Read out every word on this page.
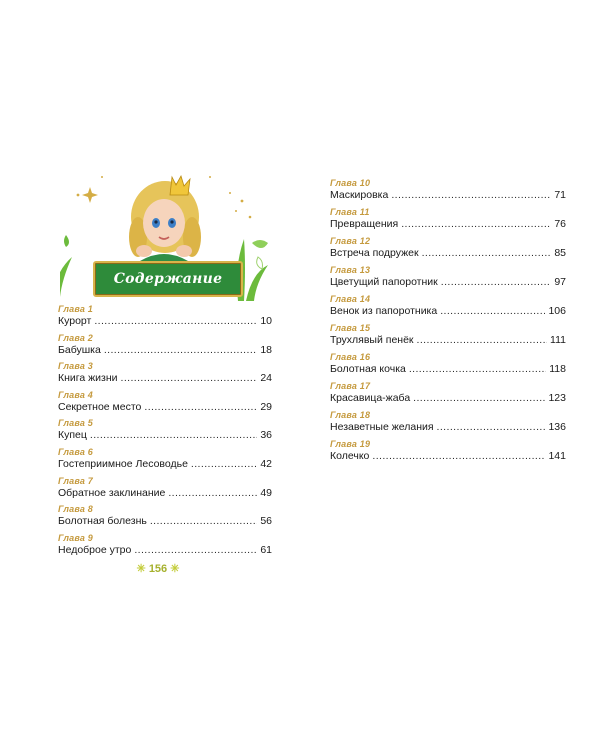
Содержание
Глава 1
Курорт .....	10
Глава 2
Бабушка .....	18
Глава 3
Книга жизни .....	24
Глава 4
Секретное место .....	29
Глава 5
Купец .....	36
Глава 6
Гостеприимное Лесоводье .....	42
Глава 7
Обратное заклинание .....	49
Глава 8
Болотная болезнь .....	56
Глава 9
Недоброе утро .....	61
Глава 10
Маскировка .....	71
Глава 11
Превращения .....	76
Глава 12
Встреча подружек .....	85
Глава 13
Цветущий папоротник .....	97
Глава 14
Венок из папоротника .....	106
Глава 15
Трухлявый пенёк .....	111
Глава 16
Болотная кочка .....	118
Глава 17
Красавица-жаба .....	123
Глава 18
Незаветные желания .....	136
Глава 19
Колечко .....	141
✳ 156 ✳
